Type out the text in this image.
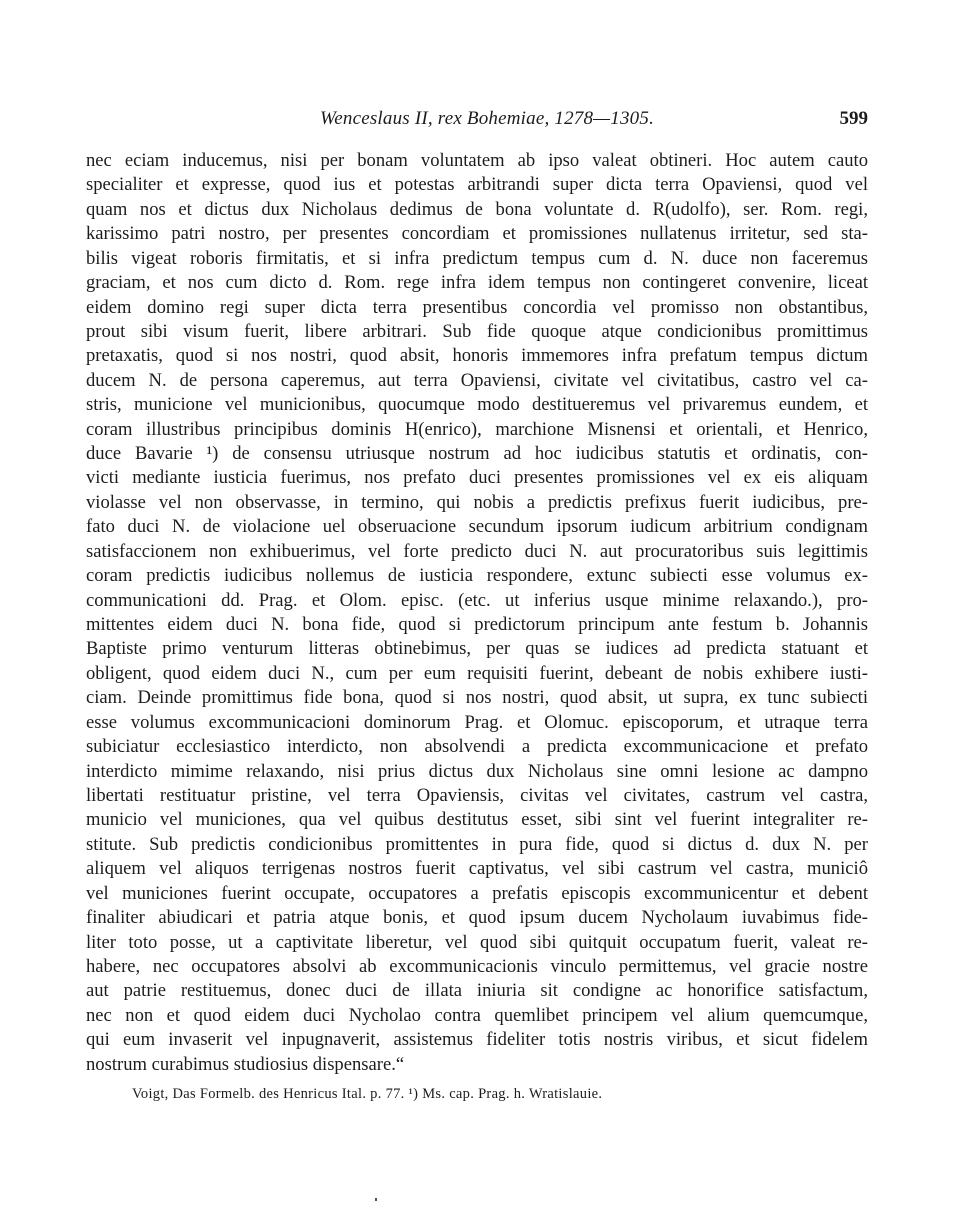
Wenceslaus II, rex Bohemiae, 1278—1305.	599
nec eciam inducemus, nisi per bonam voluntatem ab ipso valeat obtineri. Hoc autem cauto
specialiter et expresse, quod ius et potestas arbitrandi super dicta terra Opaviensi, quod vel
quam nos et dictus dux Nicholaus dedimus de bona voluntate d. R(udolfo), ser. Rom. regi,
karissimo patri nostro, per presentes concordiam et promissiones nullatenus irritetur, sed sta-
bilis vigeat roboris firmitatis, et si infra predictum tempus cum d. N. duce non faceremus
graciam, et nos cum dicto d. Rom. rege infra idem tempus non contingeret convenire, liceat
eidem domino regi super dicta terra presentibus concordia vel promisso non obstantibus,
prout sibi visum fuerit, libere arbitrari. Sub fide quoque atque condicionibus promittimus
pretaxatis, quod si nos nostri, quod absit, honoris immemores infra prefatum tempus dictum
ducem N. de persona caperemus, aut terra Opaviensi, civitate vel civitatibus, castro vel ca-
stris, municione vel municionibus, quocumque modo destitueremus vel privaremus eundem, et
coram illustribus principibus dominis H(enrico), marchione Misnensi et orientali, et Henrico,
duce Bavarie ¹) de consensu utriusque nostrum ad hoc iudicibus statutis et ordinatis, con-
victi mediante iusticia fuerimus, nos prefato duci presentes promissiones vel ex eis aliquam
violasse vel non observasse, in termino, qui nobis a predictis prefixus fuerit iudicibus, pre-
fato duci N. de violacione uel obseruacione secundum ipsorum iudicum arbitrium condignam
satisfaccionem non exhibuerimus, vel forte predicto duci N. aut procuratoribus suis legittimis
coram predictis iudicibus nollemus de iusticia respondere, extunc subiecti esse volumus ex-
communicationi dd. Prag. et Olom. episc. (etc. ut inferius usque minime relaxando.), pro-
mittentes eidem duci N. bona fide, quod si predictorum principum ante festum b. Johannis
Baptiste primo venturum litteras obtinebimus, per quas se iudices ad predicta statuant et
obligent, quod eidem duci N., cum per eum requisiti fuerint, debeant de nobis exhibere iusti-
ciam. Deinde promittimus fide bona, quod si nos nostri, quod absit, ut supra, ex tunc subiecti
esse volumus excommunicacioni dominorum Prag. et Olomuc. episcoporum, et utraque terra
subiciatur ecclesiastico interdicto, non absolvendi a predicta excommunicacione et prefato
interdicto mimime relaxando, nisi prius dictus dux Nicholaus sine omni lesione ac dampno
libertati restituatur pristine, vel terra Opaviensis, civitas vel civitates, castrum vel castra,
municio vel municiones, qua vel quibus destitutus esset, sibi sint vel fuerint integraliter re-
stitute. Sub predictis condicionibus promittentes in pura fide, quod si dictus d. dux N. per
aliquem vel aliquos terrigenas nostros fuerit captivatus, vel sibi castrum vel castra, municiô
vel municiones fuerint occupate, occupatores a prefatis episcopis excommunicentur et debent
finaliter abiudicari et patria atque bonis, et quod ipsum ducem Nycholaum iuvabimus fide-
liter toto posse, ut a captivitate liberetur, vel quod sibi quitquit occupatum fuerit, valeat re-
habere, nec occupatores absolvi ab excommunicacionis vinculo permittemus, vel gracie nostre
aut patrie restituemus, donec duci de illata iniuria sit condigne ac honorifice satisfactum,
nec non et quod eidem duci Nycholao contra quemlibet principem vel alium quemcumque,
qui eum invaserit vel inpugnaverit, assistemus fideliter totis nostris viribus, et sicut fidelem
nostrum curabimus studiosius dispensare.“
Voigt, Das Formelb. des Henricus Ital. p. 77. ¹) Ms. cap. Prag. h. Wratislauie.
